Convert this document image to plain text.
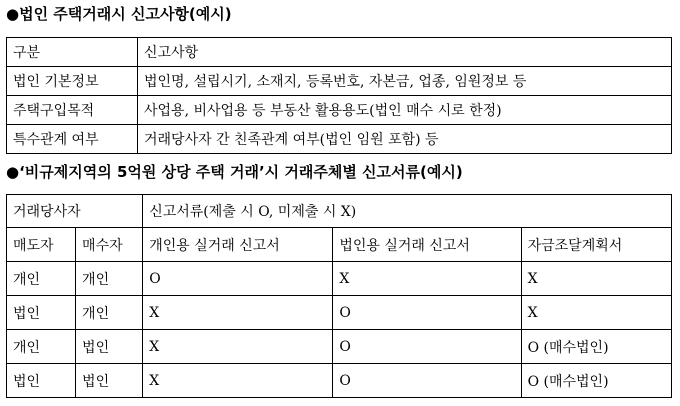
●법인 주택거래시 신고사항(예시)
구분	신고사항
법인 기본정보	법인명, 설립시기, 소재지, 등록번호, 자본금, 업종, 임원정보 등
주택구입목적	사업용, 비사업용 등 부동산 활용용도(법인 매수 시로 한정)
특수관계 여부	거래당사자 간 친족관계 여부(법인 임원 포함) 등
●‘비규제지역의 5억원 상당 주택 거래’시 거래주체별 신고서류(예시)
거래당사자		신고서류(제출 시 O, 미제출 시 X)		
매도자	매수자	개인용 실거래 신고서	법인용 실거래 신고서	자금조달계획서
개인	개인	O	X	X
법인	개인	X	O	X
개인	법인	X	O	O (매수법인)
법인	법인	X	O	O (매수법인)
